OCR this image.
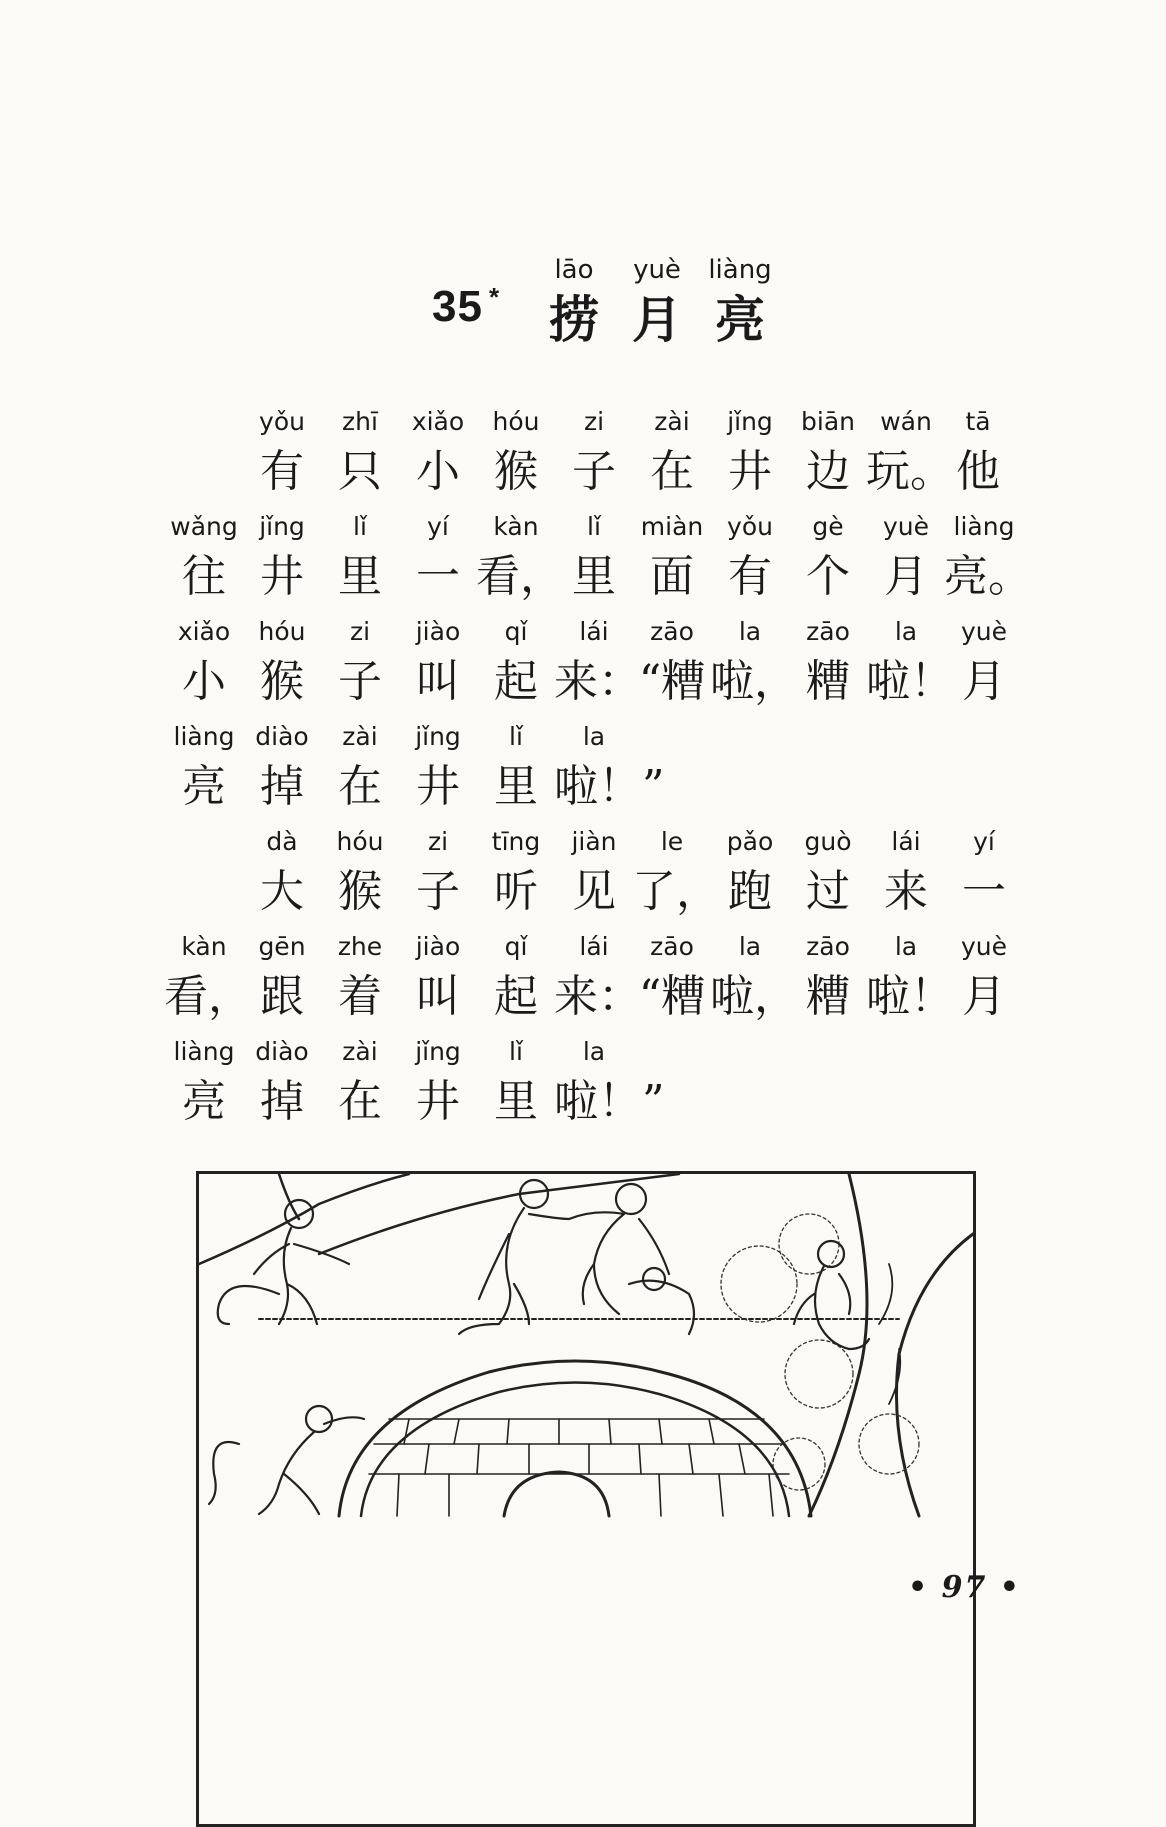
35 *
lāo
捞
yuè
月
liàng
亮
yǒu
有
zhī
只
xiǎo
小
hóu
猴
zi
子
zài
在
jǐng
井
biān
边
wán
玩。
tā
他
wǎng
往
jǐng
井
lǐ
里
yí
一
kàn
看，
lǐ
里
miàn
面
yǒu
有
gè
个
yuè
月
liàng
亮。
xiǎo
小
hóu
猴
zi
子
jiào
叫
qǐ
起
lái
来：
zāo
“糟
la
啦，
zāo
糟
la
啦！
yuè
月
liàng
亮
diào
掉
zài
在
jǐng
井
lǐ
里
la
啦！”
dà
大
hóu
猴
zi
子
tīng
听
jiàn
见
le
了，
pǎo
跑
guò
过
lái
来
yí
一
kàn
看，
gēn
跟
zhe
着
jiào
叫
qǐ
起
lái
来：
zāo
“糟
la
啦，
zāo
糟
la
啦！
yuè
月
liàng
亮
diào
掉
zài
在
jǐng
井
lǐ
里
la
啦！”
• 97 •
